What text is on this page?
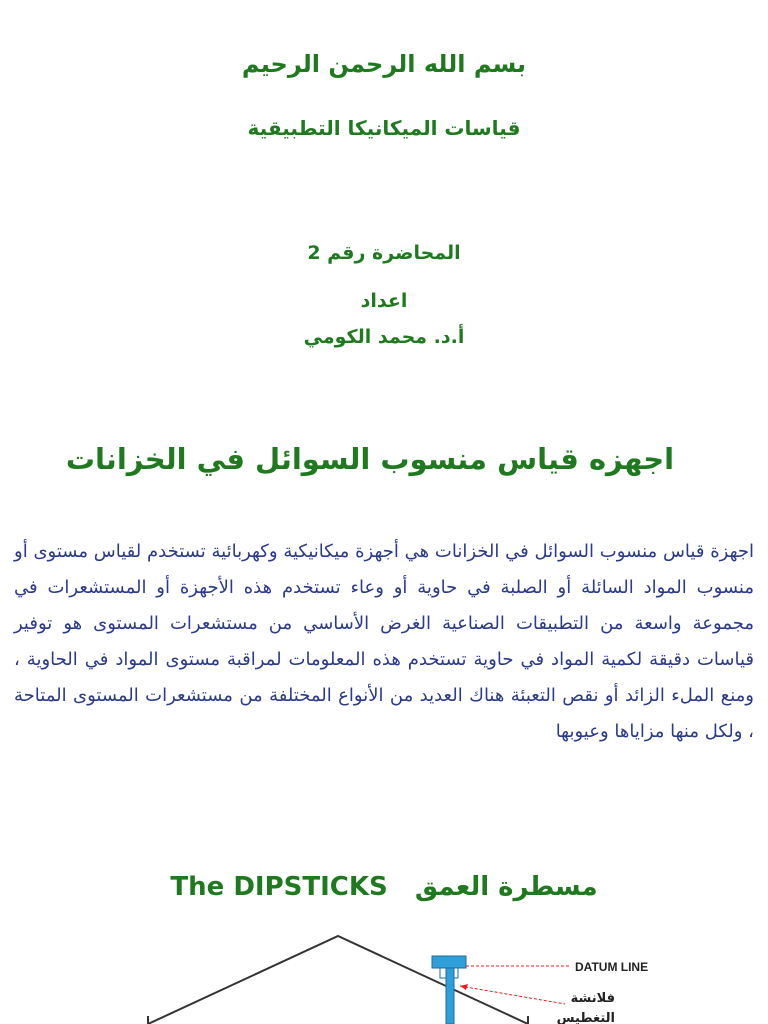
بسم الله الرحمن الرحيم
قياسات الميكانيكا التطبيقية
المحاضرة رقم 2
اعداد
أ.د. محمد الكومي
اجهزه قياس منسوب السوائل في الخزانات
اجهزة قياس منسوب السوائل في الخزانات هي أجهزة ميكانيكية وكهربائية تستخدم لقياس مستوى أو منسوب المواد السائلة أو الصلبة في حاوية أو وعاء تستخدم هذه الأجهزة أو المستشعرات في مجموعة واسعة من التطبيقات الصناعية الغرض الأساسي من مستشعرات المستوى هو توفير قياسات دقيقة لكمية المواد في حاوية تستخدم هذه المعلومات لمراقبة مستوى المواد في الحاوية ، ومنع الملء الزائد أو نقص التعبئة هناك العديد من الأنواع المختلفة من مستشعرات المستوى المتاحة ، ولكل منها مزاياها وعيوبها
The DIPSTICKS مسطرة العمق
DATUM LINE
فلانشة
التغطيس
